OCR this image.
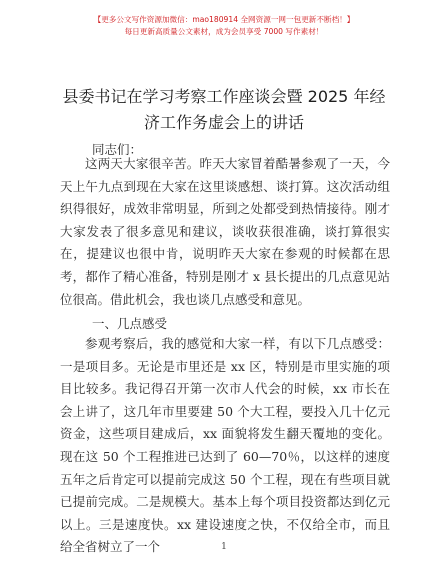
【更多公文写作资源加微信：mao180914 全网资源一网一包更新不断档！】
每日更新高质量公文素材，成为会员享受 7000 写作素材！
县委书记在学习考察工作座谈会暨 2025 年经济工作务虚会上的讲话
同志们：

这两天大家很辛苦。昨天大家冒着酷暑参观了一天，今天上午九点到现在大家在这里谈感想、谈打算。这次活动组织得很好，成效非常明显，所到之处都受到热情接待。刚才大家发表了很多意见和建议，谈收获很准确，谈打算很实在，提建议也很中肯，说明昨天大家在参观的时候都在思考，都作了精心准备，特别是刚才 x 县长提出的几点意见站位很高。借此机会，我也谈几点感受和意见。

一、几点感受

参观考察后，我的感觉和大家一样，有以下几点感受：一是项目多。无论是市里还是 xx 区，特别是市里实施的项目比较多。我记得召开第一次市人代会的时候，xx 市长在会上讲了，这几年市里要建 50 个大工程，要投入几十亿元资金，这些项目建成后，xx 面貌将发生翻天覆地的变化。现在这 50 个工程推进已达到了 60—70％，以这样的速度五年之后肯定可以提前完成这 50 个工程，现在有些项目就已提前完成。二是规模大。基本上每个项目投资都达到亿元以上。三是速度快。xx 建设速度之快，不仅给全市，而且给全省树立了一个	1
